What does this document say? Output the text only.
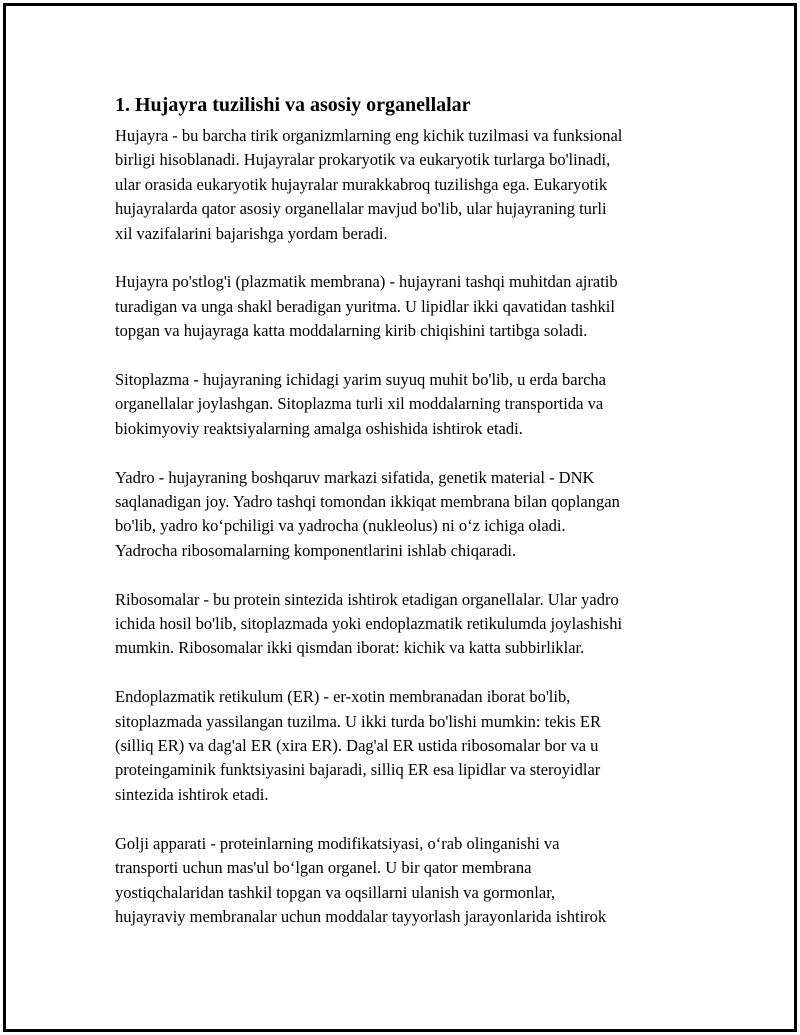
1. Hujayra tuzilishi va asosiy organellalar

Hujayra - bu barcha tirik organizmlarning eng kichik tuzilmasi va funksional
birligi hisoblanadi. Hujayralar prokaryotik va eukaryotik turlarga bo'linadi,
ular orasida eukaryotik hujayralar murakkabroq tuzilishga ega. Eukaryotik
hujayralarda qator asosiy organellalar mavjud bo'lib, ular hujayraning turli
xil vazifalarini bajarishga yordam beradi.

Hujayra po'stlog'i (plazmatik membrana) - hujayrani tashqi muhitdan ajratib
turadigan va unga shakl beradigan yuritma. U lipidlar ikki qavatidan tashkil
topgan va hujayraga katta moddalarning kirib chiqishini tartibga soladi.

Sitoplazma - hujayraning ichidagi yarim suyuq muhit bo'lib, u erda barcha
organellalar joylashgan. Sitoplazma turli xil moddalarning transportida va
biokimyoviy reaktsiyalarning amalga oshishida ishtirok etadi.

Yadro - hujayraning boshqaruv markazi sifatida, genetik material - DNK
saqlanadigan joy. Yadro tashqi tomondan ikkiqat membrana bilan qoplangan
bo'lib, yadro ko‘pchiligi va yadrocha (nukleolus) ni o‘z ichiga oladi.
Yadrocha ribosomalarning komponentlarini ishlab chiqaradi.

Ribosomalar - bu protein sintezida ishtirok etadigan organellalar. Ular yadro
ichida hosil bo'lib, sitoplazmada yoki endoplazmatik retikulumda joylashishi
mumkin. Ribosomalar ikki qismdan iborat: kichik va katta subbirliklar.

Endoplazmatik retikulum (ER) - er-xotin membranadan iborat bo'lib,
sitoplazmada yassilangan tuzilma. U ikki turda bo'lishi mumkin: tekis ER
(silliq ER) va dag'al ER (xira ER). Dag'al ER ustida ribosomalar bor va u
proteingaminik funktsiyasini bajaradi, silliq ER esa lipidlar va steroyidlar
sintezida ishtirok etadi.

Golji apparati - proteinlarning modifikatsiyasi, o‘rab olinganishi va
transporti uchun mas'ul bo‘lgan organel. U bir qator membrana
yostiqchalaridan tashkil topgan va oqsillarni ulanish va gormonlar,
hujayraviy membranalar uchun moddalar tayyorlash jarayonlarida ishtirok
